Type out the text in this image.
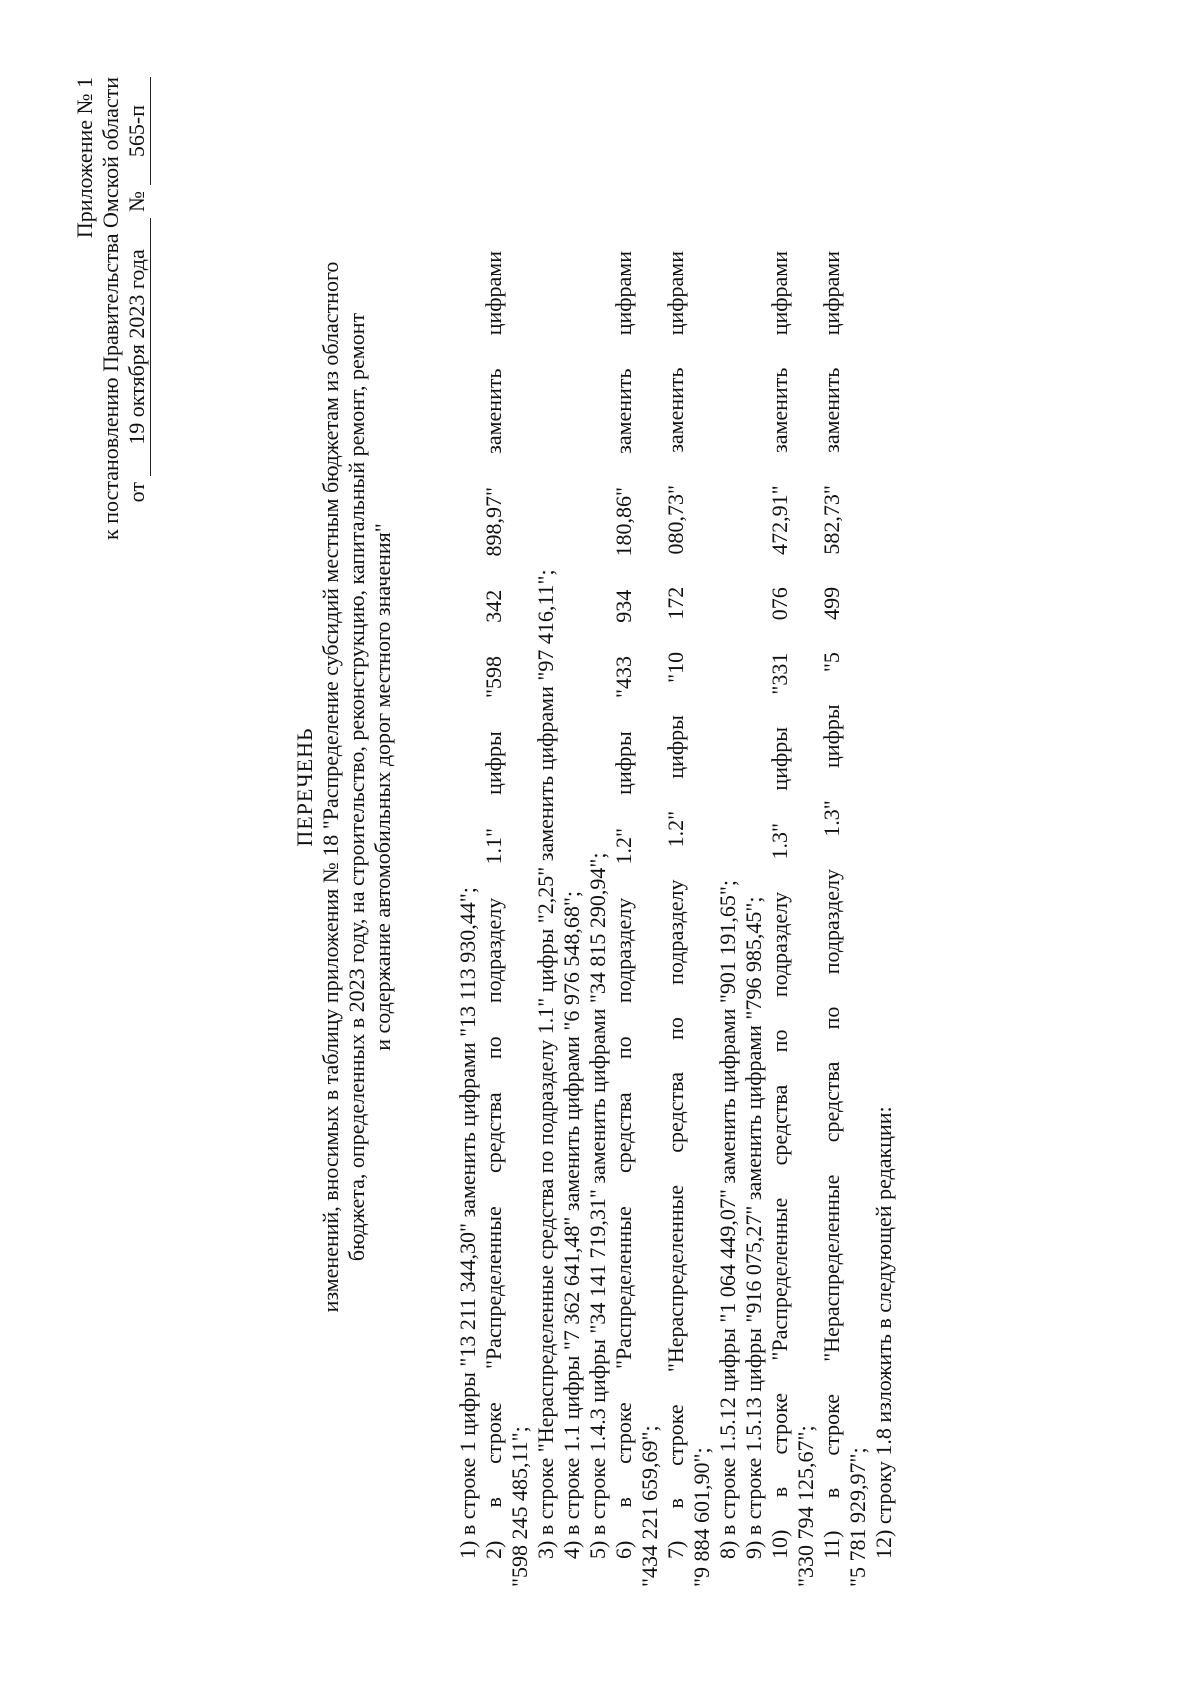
Приложение № 1 к постановлению Правительства Омской области от
19 октября 2023 года
№
565-п
ПЕРЕЧЕНЬ изменений, вносимых в таблицу приложения № 18 "Распределение субсидий местным бюджетам из областного бюджета, определенных в 2023 году, на строительство, реконструкцию, капитальный ремонт, ремонт и содержание автомобильных дорог местного значения"

1) в строке 1 цифры "13 211 344,30" заменить цифрами "13 113 930,44"; 2) в строке "Распределенные средства по подразделу 1.1" цифры "598 342 898,97" заменить цифрами "598 245 485,11"; 3) в строке "Нераспределенные средства по подразделу 1.1" цифры "2,25" заменить цифрами "97 416,11"; 4) в строке 1.1 цифры "7 362 641,48" заменить цифрами "6 976 548,68"; 5) в строке 1.4.3 цифры "34 141 719,31" заменить цифрами "34 815 290,94"; 6) в строке "Распределенные средства по подразделу 1.2" цифры "433 934 180,86" заменить цифрами "434 221 659,69"; 7) в строке "Нераспределенные средства по подразделу 1.2" цифры "10 172 080,73" заменить цифрами "9 884 601,90"; 8) в строке 1.5.12 цифры "1 064 449,07" заменить цифрами "901 191,65"; 9) в строке 1.5.13 цифры "916 075,27" заменить цифрами "796 985,45"; 10) в строке "Распределенные средства по подразделу 1.3" цифры "331 076 472,91" заменить цифрами "330 794 125,67"; 11) в строке "Нераспределенные средства по подразделу 1.3" цифры "5 499 582,73" заменить цифрами "5 781 929,97"; 12) строку 1.8 изложить в следующей редакции:
